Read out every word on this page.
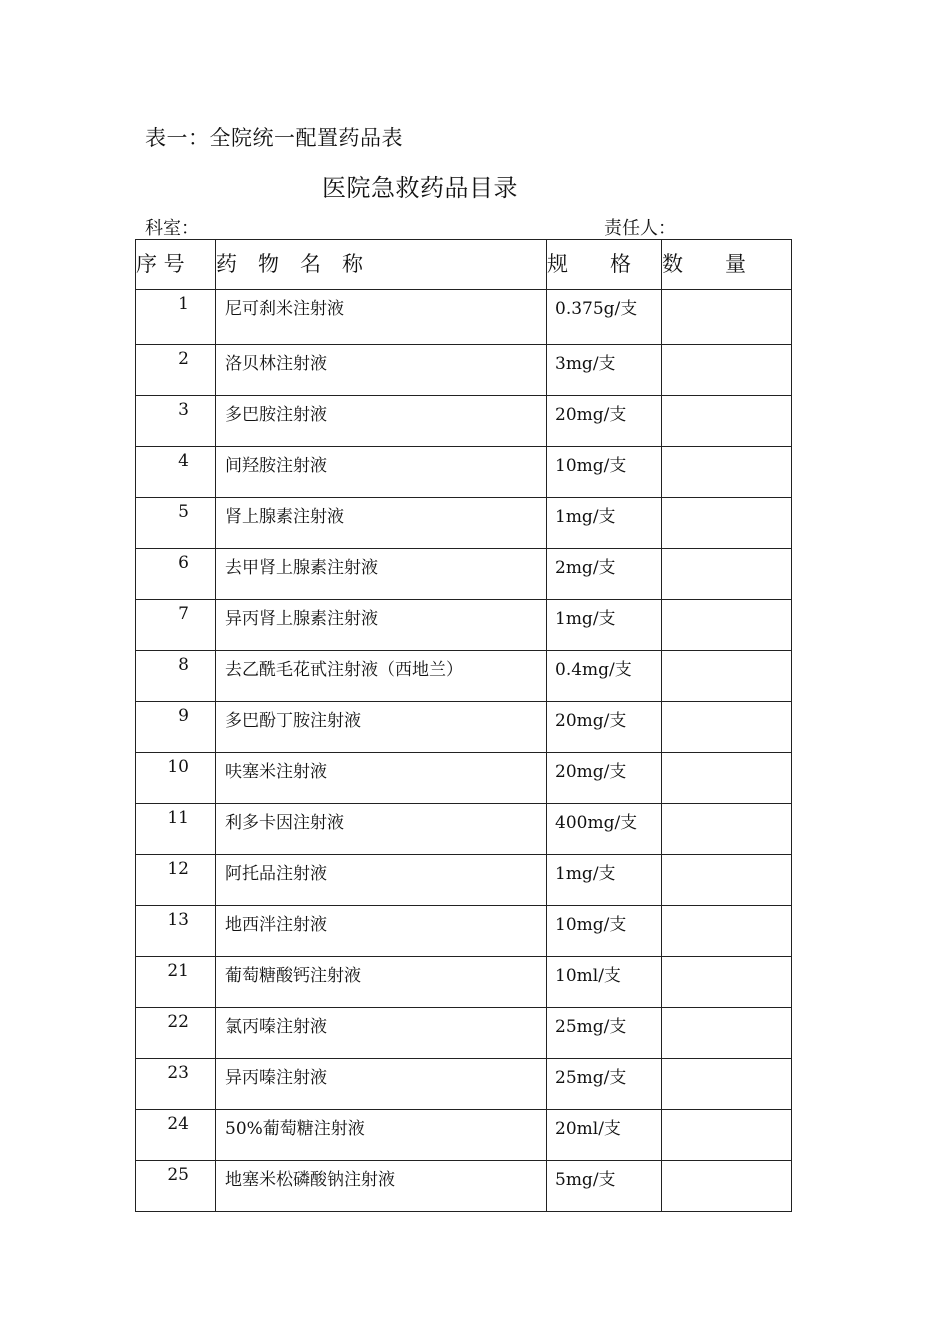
表一：全院统一配置药品表
医院急救药品目录
科室：	责任人：
序 号	药　物　名　称	规　　格	数　　量
1	尼可刹米注射液	0.375g/支	
2	洛贝林注射液	3mg/支	
3	多巴胺注射液	20mg/支	
4	间羟胺注射液	10mg/支	
5	肾上腺素注射液	1mg/支	
6	去甲肾上腺素注射液	2mg/支	
7	异丙肾上腺素注射液	1mg/支	
8	去乙酰毛花甙注射液（西地兰）	0.4mg/支	
9	多巴酚丁胺注射液	20mg/支	
10	呋塞米注射液	20mg/支	
11	利多卡因注射液	400mg/支	
12	阿托品注射液	1mg/支	
13	地西泮注射液	10mg/支	
21	葡萄糖酸钙注射液	10ml/支	
22	氯丙嗪注射液	25mg/支	
23	异丙嗪注射液	25mg/支	
24	50%葡萄糖注射液	20ml/支	
25	地塞米松磷酸钠注射液	5mg/支	
